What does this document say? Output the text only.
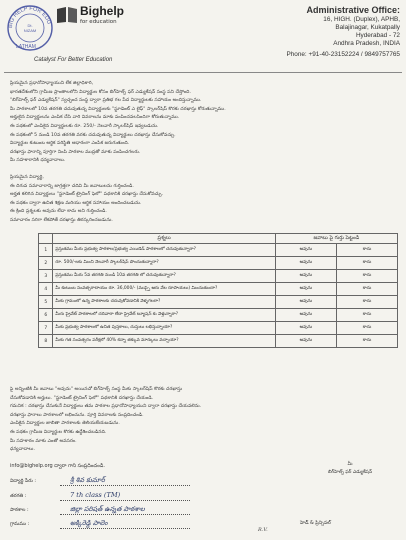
BIG HELP FOR EDU
Dt.
NIZAM
LATHAM
Bighelp
for education
Catalyst For Better Education
Administrative Office:
16, HIGH. (Duplex), APHB,
Balajinagar, Kukatpally
Hyderabad - 72
Andhra Pradesh, INDIA
Phone: +91-40-23152224 / 9849757765
ప్రియమైన ప్రధానోపాధ్యాయుని లేక జిల్లాధికారి,
భారతదేశంలోని గ్రామీణ ప్రాంతాలలోని విద్యార్థుల కోసం బిగ్‌హెల్ప్ ఫర్ ఎడ్యుకేషన్ సంస్థ పని చేస్తోంది.
"బిగ్‌హెల్ప్ ఫర్ ఎడ్యుకేషన్" స్వచ్ఛంద సంస్థ ద్వారా ప్రతిభ గల పేద విద్యార్థులకు సహాయం అందిస్తున్నాము.
మీ పాఠశాలలో 10వ తరగతి చదువుతున్న విద్యార్థులకు "స్టూడెంట్ ఎ లైఫ్" స్కాలర్‌షిప్ కొరకు దరఖాస్తు కోరుతున్నాము.
అర్హులైన విద్యార్థులను ఎంపిక చేసి వారి వివరాలను మాకు పంపించవలసిందిగా కోరుతున్నాము.
ఈ పథకంలో ఎంపికైన విద్యార్థులకు రూ. 250/- నెలవారీ స్కాలర్‌షిప్ ఇవ్వబడును.
ఈ పథకంలో 5 నుండి 10వ తరగతి వరకు చదువుతున్న విద్యార్థులు దరఖాస్తు చేసుకోవచ్చు.
విద్యార్థుల కుటుంబ ఆర్థిక పరిస్థితి ఆధారంగా ఎంపిక జరుగుతుంది.
దరఖాస్తు ఫారాన్ని పూర్తిగా నింపి పాఠశాల ముద్రతో మాకు పంపించగలరు.
మీ సహకారానికి ధన్యవాదాలు.
ప్రియమైన విద్యార్థి,
ఈ దిగువ సమాచారాన్ని జాగ్రత్తగా చదివి మీ జవాబులను గుర్తించండి.
అర్హత కలిగిన విద్యార్థులు "స్టూడెంట్ ట్రైనింగ్ ఫెలో" పథకానికి దరఖాస్తు చేసుకోవచ్చు.
ఈ పథకం ద్వారా ఉచిత శిక్షణ మరియు ఆర్థిక సహాయం అందించబడును.
ఈ క్రింది ప్రశ్నలకు అవును లేదా కాదు అని గుర్తించండి.
సమాచారం సరిగా లేకపోతే దరఖాస్తు తిరస్కరించబడును.
	ప్రశ్నలు	జవాబు పై గుర్తు పెట్టండి	
1	ప్రస్తుతము మీరు ప్రభుత్వ పాఠశాల/ప్రభుత్వ ఎయిడెడ్ పాఠశాలలో చదువుతున్నారా?	అవును	కాదు
2	రూ. 500/-లకు మించి నెలవారీ స్కాలర్‌షిప్ పొందుతున్నారా?	అవును	కాదు
3	ప్రస్తుతము మీరు 5వ తరగతి నుండి 10వ తరగతి లో చదువుతున్నారా?	అవును	కాదు
4	మీ కుటుంబ సంవత్సరాదాయం రూ. 36,000/- (ముప్పై ఆరు వేల రూపాయలు) మించుతుందా?	అవును	కాదు
5	మీకు గ్రామంలో ఉన్న పాఠశాలకు చదువుకోవడానికి వెళ్ళగలరా?	అవును	కాదు
6	మీరు ప్రైవేట్ పాఠశాలలో చదివారా లేదా ప్రైవేట్ ట్యూషన్ కు వెళ్తున్నారా?	అవును	కాదు
7	మీకు ప్రభుత్వ పాఠశాలలో ఉచిత పుస్తకాలు, దుస్తులు లభిస్తున్నాయా?	అవును	కాదు
8	మీకు గత సంవత్సరం పరీక్షలో 40% కన్నా తక్కువ మార్కులు వచ్చాయా?	అవును	కాదు
పై అన్నింటికి మీ జవాబు "అవును" అయినచో బిగ్‌హెల్ప్ సంస్థ మీకు స్కాలర్‌షిప్ కొరకు దరఖాస్తు
చేసుకోవడానికి అర్హులు. "స్టూడెంట్ ట్రైనింగ్ ఫెలో" పథకానికి దరఖాస్తు చేయండి.
గమనిక : దరఖాస్తు చేసుకునే విద్యార్థులు తమ పాఠశాల ప్రధానోపాధ్యాయుని ద్వారా దరఖాస్తు చేయవలెను.
దరఖాస్తు ఫారాలు పాఠశాలలో లభించును. పూర్తి వివరాలకు సంప్రదించండి.
ఎంపికైన విద్యార్థుల జాబితా పాఠశాలకు తెలియజేయబడును.
ఈ పథకం గ్రామీణ విద్యార్థుల కొరకు ఉద్దేశించబడినది.
మీ సహకారం మాకు ఎంతో అవసరం.
ధన్యవాదాలు.
info@bighelp.org ద్వారా గాని సంప్రదించండి.	మీ
బిగ్‌హెల్ప్ ఫర్ ఎడ్యుకేషన్
విద్యార్థి పేరు :	శ్రీ శివ కుమార్
తరగతి :	7 th class (TM)
పాఠశాల :	జిల్లా పరిషత్ ఉన్నత పాఠశాల
గ్రామము :	అక్కిరెడ్డి పాలెం	హెడ్ & ప్రిన్సిపల్
R.V.
